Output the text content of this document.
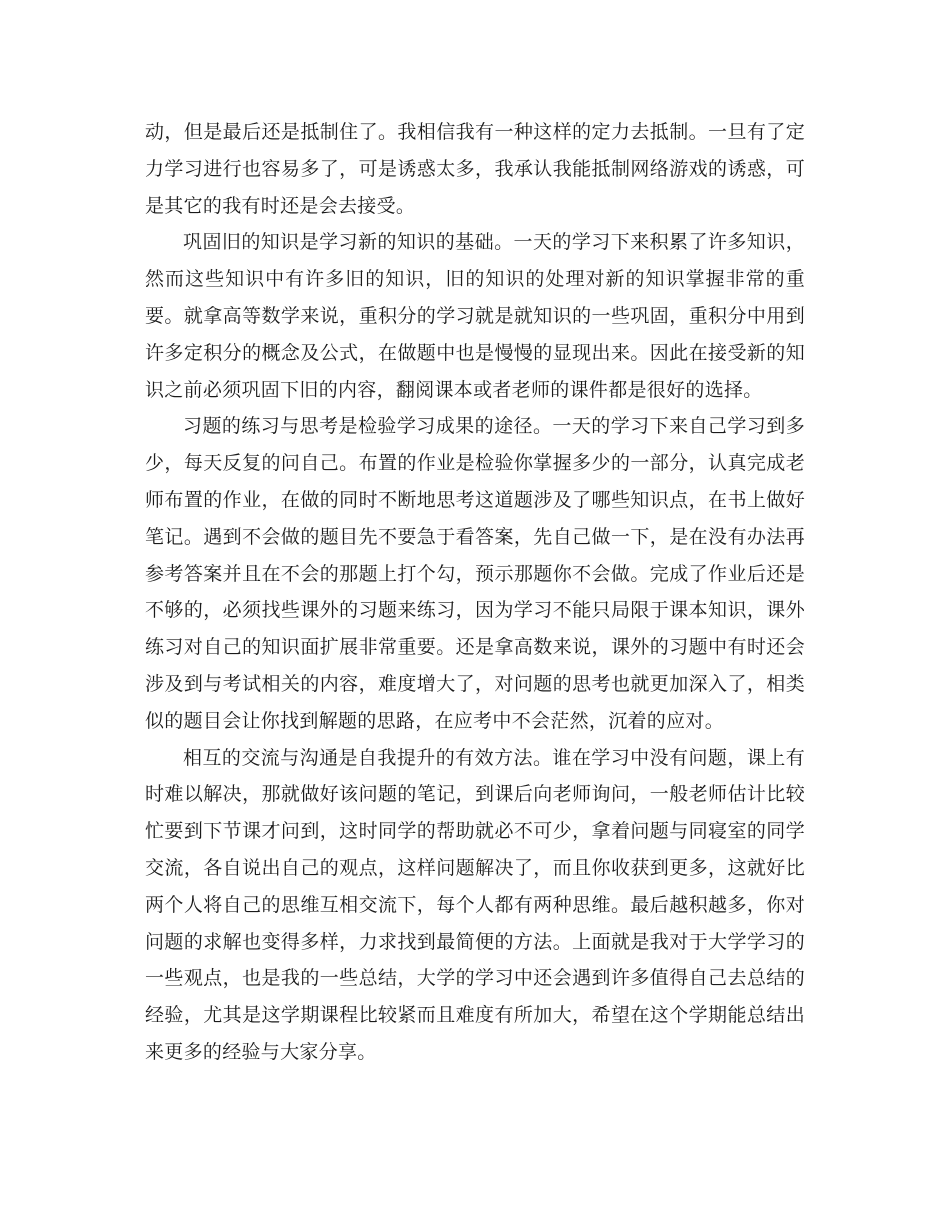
动，但是最后还是抵制住了。我相信我有一种这样的定力去抵制。一旦有了定力学习进行也容易多了，可是诱惑太多，我承认我能抵制网络游戏的诱惑，可是其它的我有时还是会去接受。

巩固旧的知识是学习新的知识的基础。一天的学习下来积累了许多知识，然而这些知识中有许多旧的知识，旧的知识的处理对新的知识掌握非常的重要。就拿高等数学来说，重积分的学习就是就知识的一些巩固，重积分中用到许多定积分的概念及公式，在做题中也是慢慢的显现出来。因此在接受新的知识之前必须巩固下旧的内容，翻阅课本或者老师的课件都是很好的选择。

习题的练习与思考是检验学习成果的途径。一天的学习下来自己学习到多少，每天反复的问自己。布置的作业是检验你掌握多少的一部分，认真完成老师布置的作业，在做的同时不断地思考这道题涉及了哪些知识点，在书上做好笔记。遇到不会做的题目先不要急于看答案，先自己做一下，是在没有办法再参考答案并且在不会的那题上打个勾，预示那题你不会做。完成了作业后还是不够的，必须找些课外的习题来练习，因为学习不能只局限于课本知识，课外练习对自己的知识面扩展非常重要。还是拿高数来说，课外的习题中有时还会涉及到与考试相关的内容，难度增大了，对问题的思考也就更加深入了，相类似的题目会让你找到解题的思路，在应考中不会茫然，沉着的应对。

相互的交流与沟通是自我提升的有效方法。谁在学习中没有问题，课上有时难以解决，那就做好该问题的笔记，到课后向老师询问，一般老师估计比较忙要到下节课才问到，这时同学的帮助就必不可少，拿着问题与同寝室的同学交流，各自说出自己的观点，这样问题解决了，而且你收获到更多，这就好比两个人将自己的思维互相交流下，每个人都有两种思维。最后越积越多，你对问题的求解也变得多样，力求找到最简便的方法。上面就是我对于大学学习的一些观点，也是我的一些总结，大学的学习中还会遇到许多值得自己去总结的经验，尤其是这学期课程比较紧而且难度有所加大，希望在这个学期能总结出来更多的经验与大家分享。
